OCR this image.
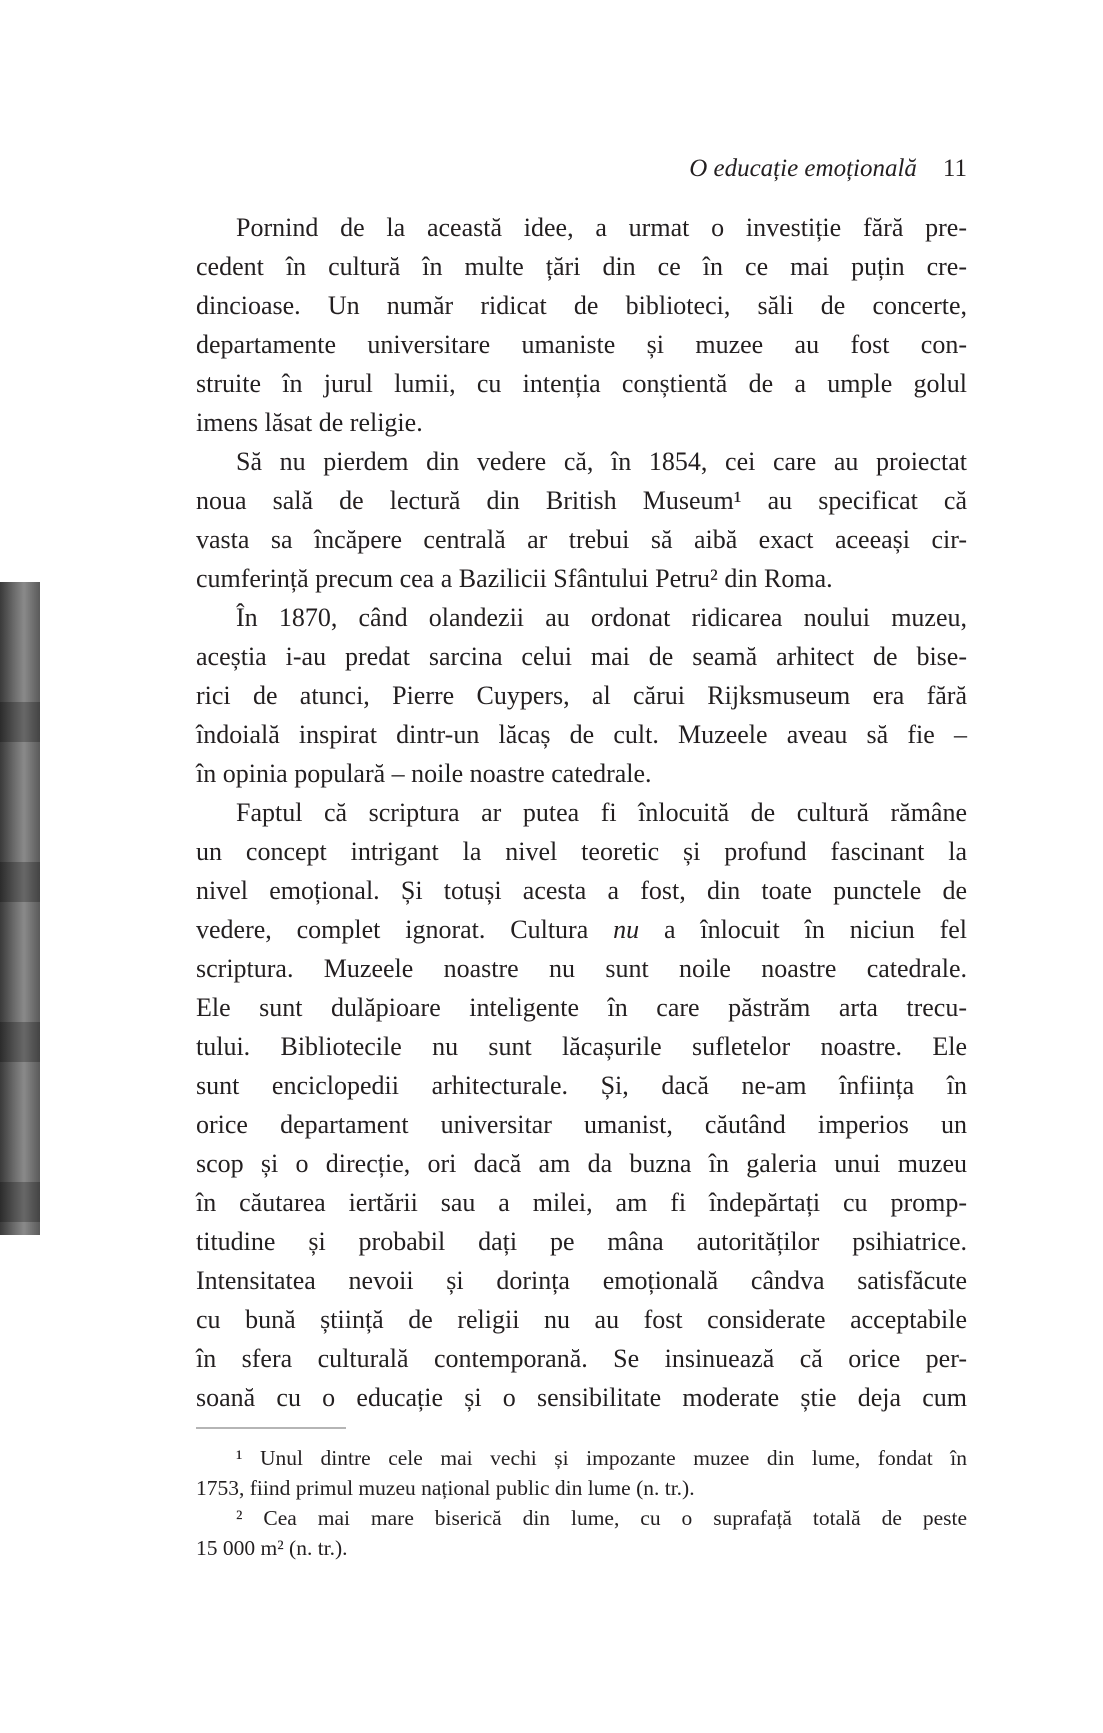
O educație emoțională 11
Pornind de la această idee, a urmat o investiție fără pre-
cedent în cultură în multe țări din ce în ce mai puțin cre-
dincioase. Un număr ridicat de biblioteci, săli de concerte,
departamente universitare umaniste și muzee au fost con-
struite în jurul lumii, cu intenția conștientă de a umple golul
imens lăsat de religie.
Să nu pierdem din vedere că, în 1854, cei care au proiectat
noua sală de lectură din British Museum¹ au specificat că
vasta sa încăpere centrală ar trebui să aibă exact aceeași cir-
cumferință precum cea a Bazilicii Sfântului Petru² din Roma.
În 1870, când olandezii au ordonat ridicarea noului muzeu,
aceștia i-au predat sarcina celui mai de seamă arhitect de bise-
rici de atunci, Pierre Cuypers, al cărui Rijksmuseum era fără
îndoială inspirat dintr-un lăcaș de cult. Muzeele aveau să fie –
în opinia populară – noile noastre catedrale.
Faptul că scriptura ar putea fi înlocuită de cultură rămâne
un concept intrigant la nivel teoretic și profund fascinant la
nivel emoțional. Și totuși acesta a fost, din toate punctele de
vedere, complet ignorat. Cultura nu a înlocuit în niciun fel
scriptura. Muzeele noastre nu sunt noile noastre catedrale.
Ele sunt dulăpioare inteligente în care păstrăm arta trecu-
tului. Bibliotecile nu sunt lăcașurile sufletelor noastre. Ele
sunt enciclopedii arhitecturale. Și, dacă ne-am înființa în
orice departament universitar umanist, căutând imperios un
scop și o direcție, ori dacă am da buzna în galeria unui muzeu
în căutarea iertării sau a milei, am fi îndepărtați cu promp-
titudine și probabil dați pe mâna autorităților psihiatrice.
Intensitatea nevoii și dorința emoțională cândva satisfăcute
cu bună știință de religii nu au fost considerate acceptabile
în sfera culturală contemporană. Se insinuează că orice per-
soană cu o educație și o sensibilitate moderate știe deja cum
¹ Unul dintre cele mai vechi și impozante muzee din lume, fondat în
1753, fiind primul muzeu național public din lume (n. tr.).
² Cea mai mare biserică din lume, cu o suprafață totală de peste
15 000 m² (n. tr.).
